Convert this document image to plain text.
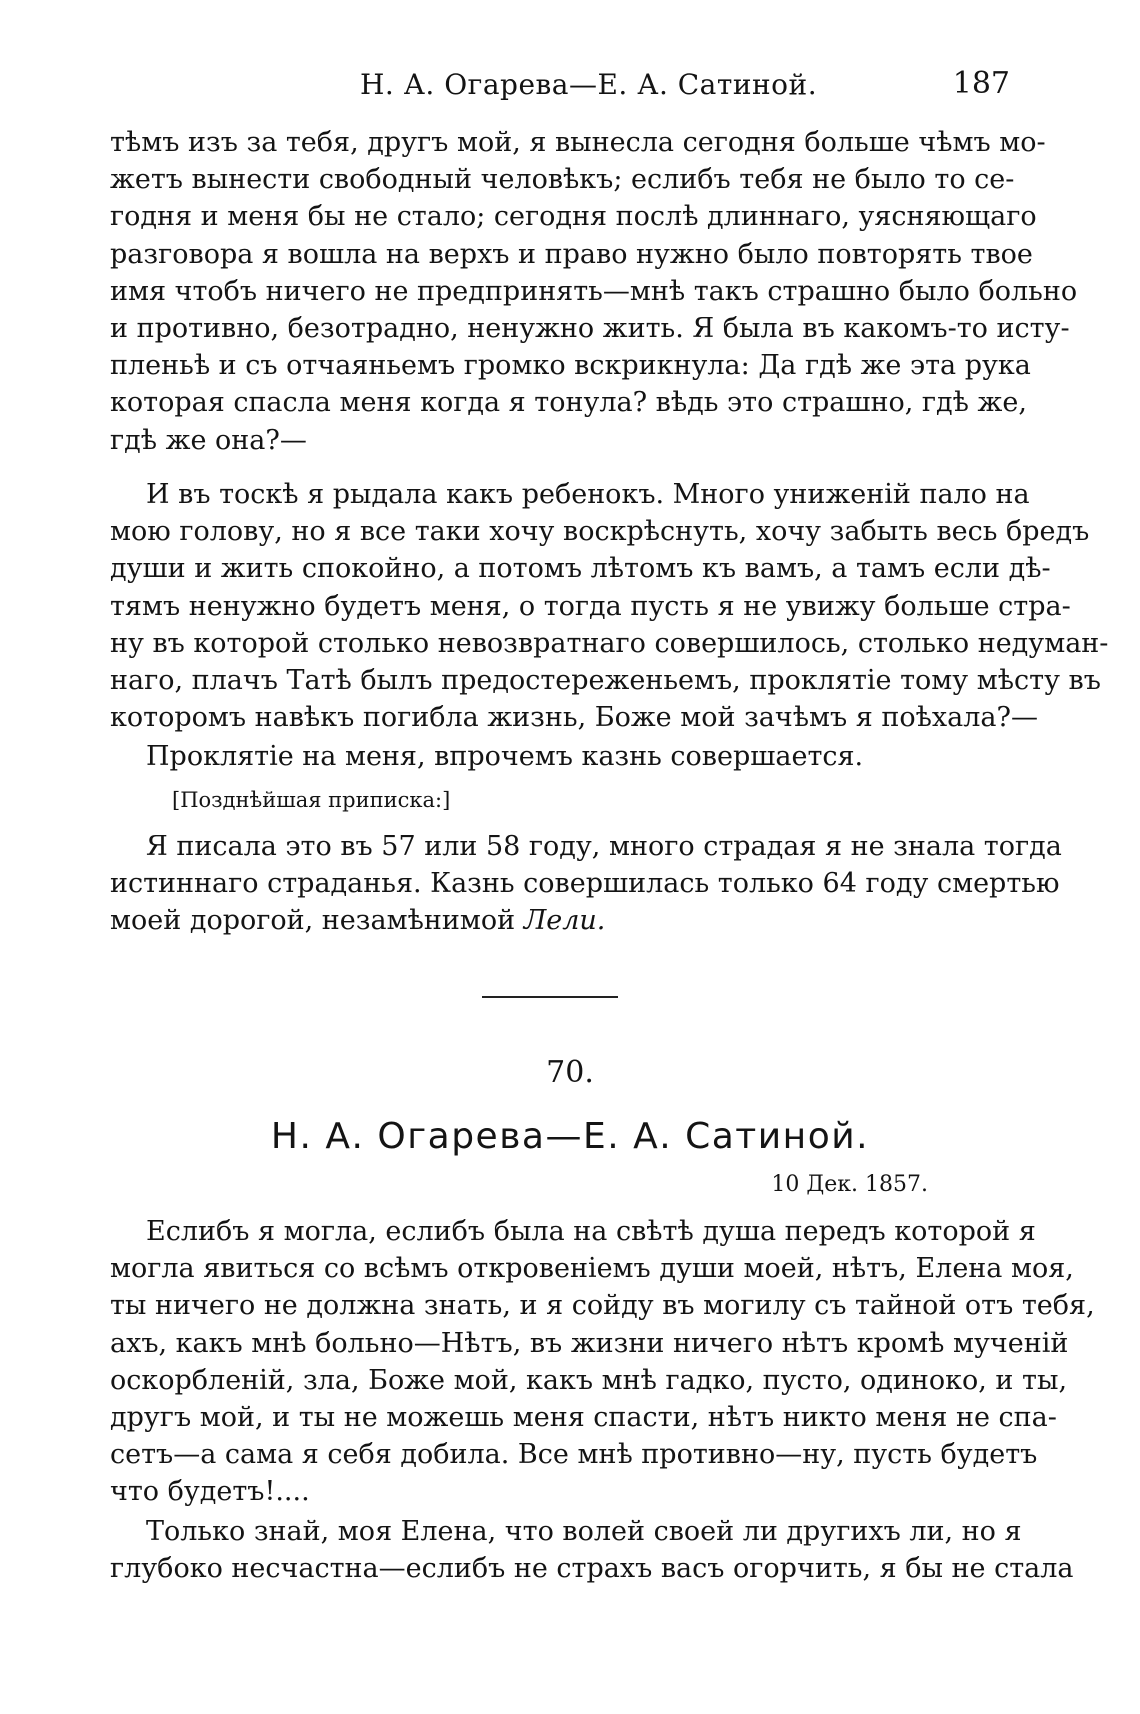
Н. А. Огарева—Е. А. Сатиной.	187
тѣмъ изъ за тебя, другъ мой, я вынесла сегодня больше чѣмъ мо-
жетъ вынести свободный человѣкъ; еслибъ тебя не было то се-
годня и меня бы не стало; сегодня послѣ длиннаго, уясняющаго
разговора я вошла на верхъ и право нужно было повторять твое
имя чтобъ ничего не предпринять—мнѣ такъ страшно было больно
и противно, безотрадно, ненужно жить. Я была въ какомъ-то исту-
пленьѣ и съ отчаяньемъ громко вскрикнула: Да гдѣ же эта рука
которая спасла меня когда я тонула? вѣдь это страшно, гдѣ же,
гдѣ же она?—
И въ тоскѣ я рыдала какъ ребенокъ. Много униженій пало на
мою голову, но я все таки хочу воскрѣснуть, хочу забыть весь бредъ
души и жить спокойно, а потомъ лѣтомъ къ вамъ, а тамъ если дѣ-
тямъ ненужно будетъ меня, о тогда пусть я не увижу больше стра-
ну въ которой столько невозвратнаго совершилось, столько недуман-
наго, плачъ Татѣ былъ предостереженьемъ, проклятіе тому мѣсту въ
которомъ навѣкъ погибла жизнь, Боже мой зачѣмъ я поѣхала?—
Проклятіе на меня, впрочемъ казнь совершается.
[Позднѣйшая приписка:]
Я писала это въ 57 или 58 году, много страдая я не знала тогда
истиннаго страданья. Казнь совершилась только 64 году смертью
моей дорогой, незамѣнимой Лели.
70.
Н. А. Огарева—Е. А. Сатиной.
10 Дек. 1857.
Еслибъ я могла, еслибъ была на свѣтѣ душа передъ которой я
могла явиться со всѣмъ откровеніемъ души моей, нѣтъ, Елена моя,
ты ничего не должна знать, и я сойду въ могилу съ тайной отъ тебя,
ахъ, какъ мнѣ больно—Нѣтъ, въ жизни ничего нѣтъ кромѣ мученій
оскорбленій, зла, Боже мой, какъ мнѣ гадко, пусто, одиноко, и ты,
другъ мой, и ты не можешь меня спасти, нѣтъ никто меня не спа-
сетъ—а сама я себя добила. Все мнѣ противно—ну, пусть будетъ
что будетъ!....
Только знай, моя Елена, что волей своей ли другихъ ли, но я
глубоко несчастна—еслибъ не страхъ васъ огорчить, я бы не стала
